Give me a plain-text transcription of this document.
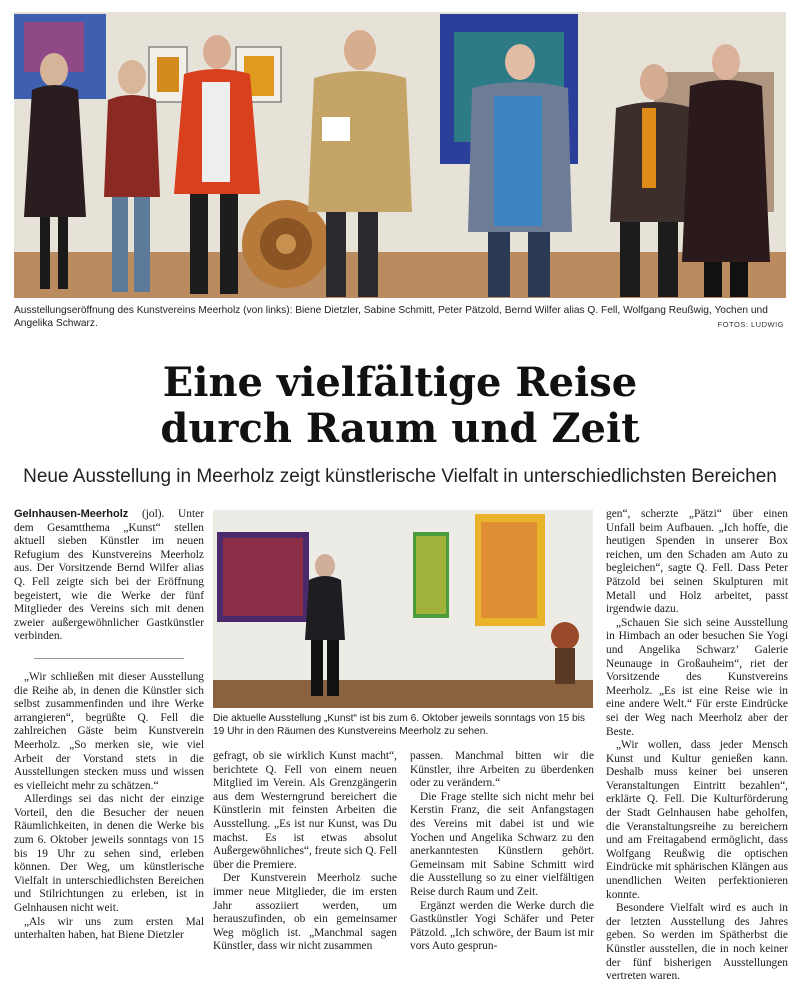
Ausstellungseröffnung des Kunstvereins Meerholz (von links): Biene Dietzler, Sabine Schmitt, Peter Pätzold, Bernd Wilfer alias Q. Fell, Wolfgang Reußwig, Yochen und Angelika Schwarz.	FOTOS: LUDWIG
Eine vielfältige Reise
durch Raum und Zeit
Neue Ausstellung in Meerholz zeigt künstlerische Vielfalt in unterschiedlichsten Bereichen

Gelnhausen-Meerholz (jol). Unter dem Gesamtthema „Kunst“ stellen aktuell sieben Künstler im neuen Refugium des Kunstvereins Meerholz aus. Der Vorsitzende Bernd Wilfer alias Q. Fell zeigte sich bei der Eröffnung begeistert, wie die Werke der fünf Mitglieder des Vereins sich mit denen zweier außergewöhnlicher Gastkünstler verbinden.

„Wir schließen mit dieser Ausstellung die Reihe ab, in denen die Künstler sich selbst zusammenfinden und ihre Werke arrangieren“, begrüßte Q. Fell die zahlreichen Gäste beim Kunstverein Meerholz. „So merken sie, wie viel Arbeit der Vorstand stets in die Ausstellungen stecken muss und wissen es vielleicht mehr zu schätzen.“

Allerdings sei das nicht der einzige Vorteil, den die Besucher der neuen Räumlichkeiten, in denen die Werke bis zum 6. Oktober jeweils sonntags von 15 bis 19 Uhr zu sehen sind, erleben können. Der Weg, um künstlerische Vielfalt in unterschiedlichsten Bereichen und Stilrichtungen zu erleben, ist in Gelnhausen nicht weit.

„Als wir uns zum ersten Mal unterhalten haben, hat Biene Dietzler

Die aktuelle Ausstellung „Kunst“ ist bis zum 6. Oktober jeweils sonntags von 15 bis 19 Uhr in den Räumen des Kunstvereins Meerholz zu sehen.

gefragt, ob sie wirklich Kunst macht“, berichtete Q. Fell von einem neuen Mitglied im Verein. Als Grenzgängerin aus dem Westerngrund bereichert die Künstlerin mit feinsten Arbeiten die Ausstellung. „Es ist nur Kunst, was Du machst. Es ist etwas absolut Außergewöhnliches“, freute sich Q. Fell über die Premiere.

Der Kunstverein Meerholz suche immer neue Mitglieder, die im ersten Jahr assoziiert werden, um herauszufinden, ob ein gemeinsamer Weg möglich ist. „Manchmal sagen Künstler, dass wir nicht zusammen

passen. Manchmal bitten wir die Künstler, ihre Arbeiten zu überdenken oder zu verändern.“

Die Frage stellte sich nicht mehr bei Kerstin Franz, die seit Anfangstagen des Vereins mit dabei ist und wie Yochen und Angelika Schwarz zu den anerkanntesten Künstlern gehört. Gemeinsam mit Sabine Schmitt wird die Ausstellung so zu einer vielfältigen Reise durch Raum und Zeit.

Ergänzt werden die Werke durch die Gastkünstler Yogi Schäfer und Peter Pätzold. „Ich schwöre, der Baum ist mir vors Auto gesprun-

gen“, scherzte „Pätzi“ über einen Unfall beim Aufbauen. „Ich hoffe, die heutigen Spenden in unserer Box reichen, um den Schaden am Auto zu begleichen“, sagte Q. Fell. Dass Peter Pätzold bei seinen Skulpturen mit Metall und Holz arbeitet, passt irgendwie dazu.

„Schauen Sie sich seine Ausstellung in Himbach an oder besuchen Sie Yogi und Angelika Schwarz’ Galerie Neunauge in Großauheim“, riet der Vorsitzende des Kunstvereins Meerholz. „Es ist eine Reise wie in eine andere Welt.“ Für erste Eindrücke sei der Weg nach Meerholz aber der Beste.

„Wir wollen, dass jeder Mensch Kunst und Kultur genießen kann. Deshalb muss keiner bei unseren Veranstaltungen Eintritt bezahlen“, erklärte Q. Fell. Die Kulturförderung der Stadt Gelnhausen habe geholfen, die Veranstaltungsreihe zu bereichern und am Freitagabend ermöglicht, dass Wolfgang Reußwig die optischen Eindrücke mit sphärischen Klängen aus unendlichen Weiten perfektionieren konnte.

Besondere Vielfalt wird es auch in der letzten Ausstellung des Jahres geben. So werden im Spätherbst die Künstler ausstellen, die in noch keiner der fünf bisherigen Ausstellungen vertreten waren.
